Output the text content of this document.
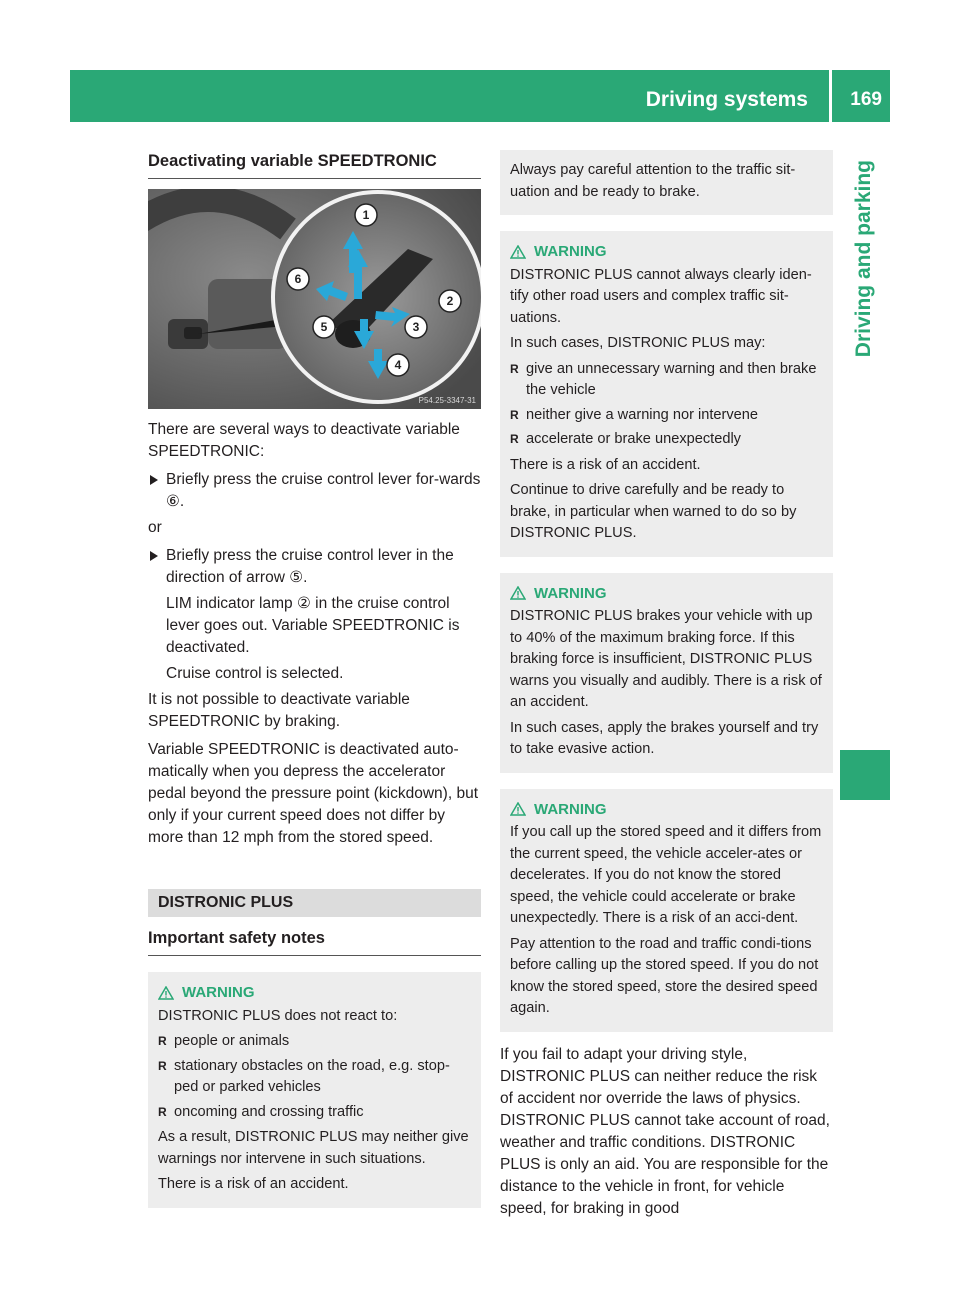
Driving systems	169
Driving and parking
Deactivating variable SPEEDTRONIC
1
2
3
4
5
6
P54.25-3347-31

There are several ways to deactivate variable SPEEDTRONIC:

Briefly press the cruise control lever for-wards ⑥.

or

Briefly press the cruise control lever in the direction of arrow ⑤.

LIM indicator lamp ② in the cruise control lever goes out. Variable SPEEDTRONIC is deactivated.

Cruise control is selected.

It is not possible to deactivate variable SPEEDTRONIC by braking.

Variable SPEEDTRONIC is deactivated auto-matically when you depress the accelerator pedal beyond the pressure point (kickdown), but only if your current speed does not differ by more than 12 mph from the stored speed.

DISTRONIC PLUS
Important safety notes
WARNING

DISTRONIC PLUS does not react to:

R people or animals
R stationary obstacles on the road, e.g. stop-ped or parked vehicles
R oncoming and crossing traffic

As a result, DISTRONIC PLUS may neither give warnings nor intervene in such situations.

There is a risk of an accident.

Always pay careful attention to the traffic sit-uation and be ready to brake.

WARNING

DISTRONIC PLUS cannot always clearly iden-tify other road users and complex traffic sit-uations.

In such cases, DISTRONIC PLUS may:

R give an unnecessary warning and then brake the vehicle
R neither give a warning nor intervene
R accelerate or brake unexpectedly

There is a risk of an accident.

Continue to drive carefully and be ready to brake, in particular when warned to do so by DISTRONIC PLUS.

WARNING

DISTRONIC PLUS brakes your vehicle with up to 40% of the maximum braking force. If this braking force is insufficient, DISTRONIC PLUS warns you visually and audibly. There is a risk of an accident.

In such cases, apply the brakes yourself and try to take evasive action.

WARNING

If you call up the stored speed and it differs from the current speed, the vehicle acceler-ates or decelerates. If you do not know the stored speed, the vehicle could accelerate or brake unexpectedly. There is a risk of an acci-dent.

Pay attention to the road and traffic condi-tions before calling up the stored speed. If you do not know the stored speed, store the desired speed again.

If you fail to adapt your driving style, DISTRONIC PLUS can neither reduce the risk of accident nor override the laws of physics. DISTRONIC PLUS cannot take account of road, weather and traffic conditions. DISTRONIC PLUS is only an aid. You are responsible for the distance to the vehicle in front, for vehicle speed, for braking in good
